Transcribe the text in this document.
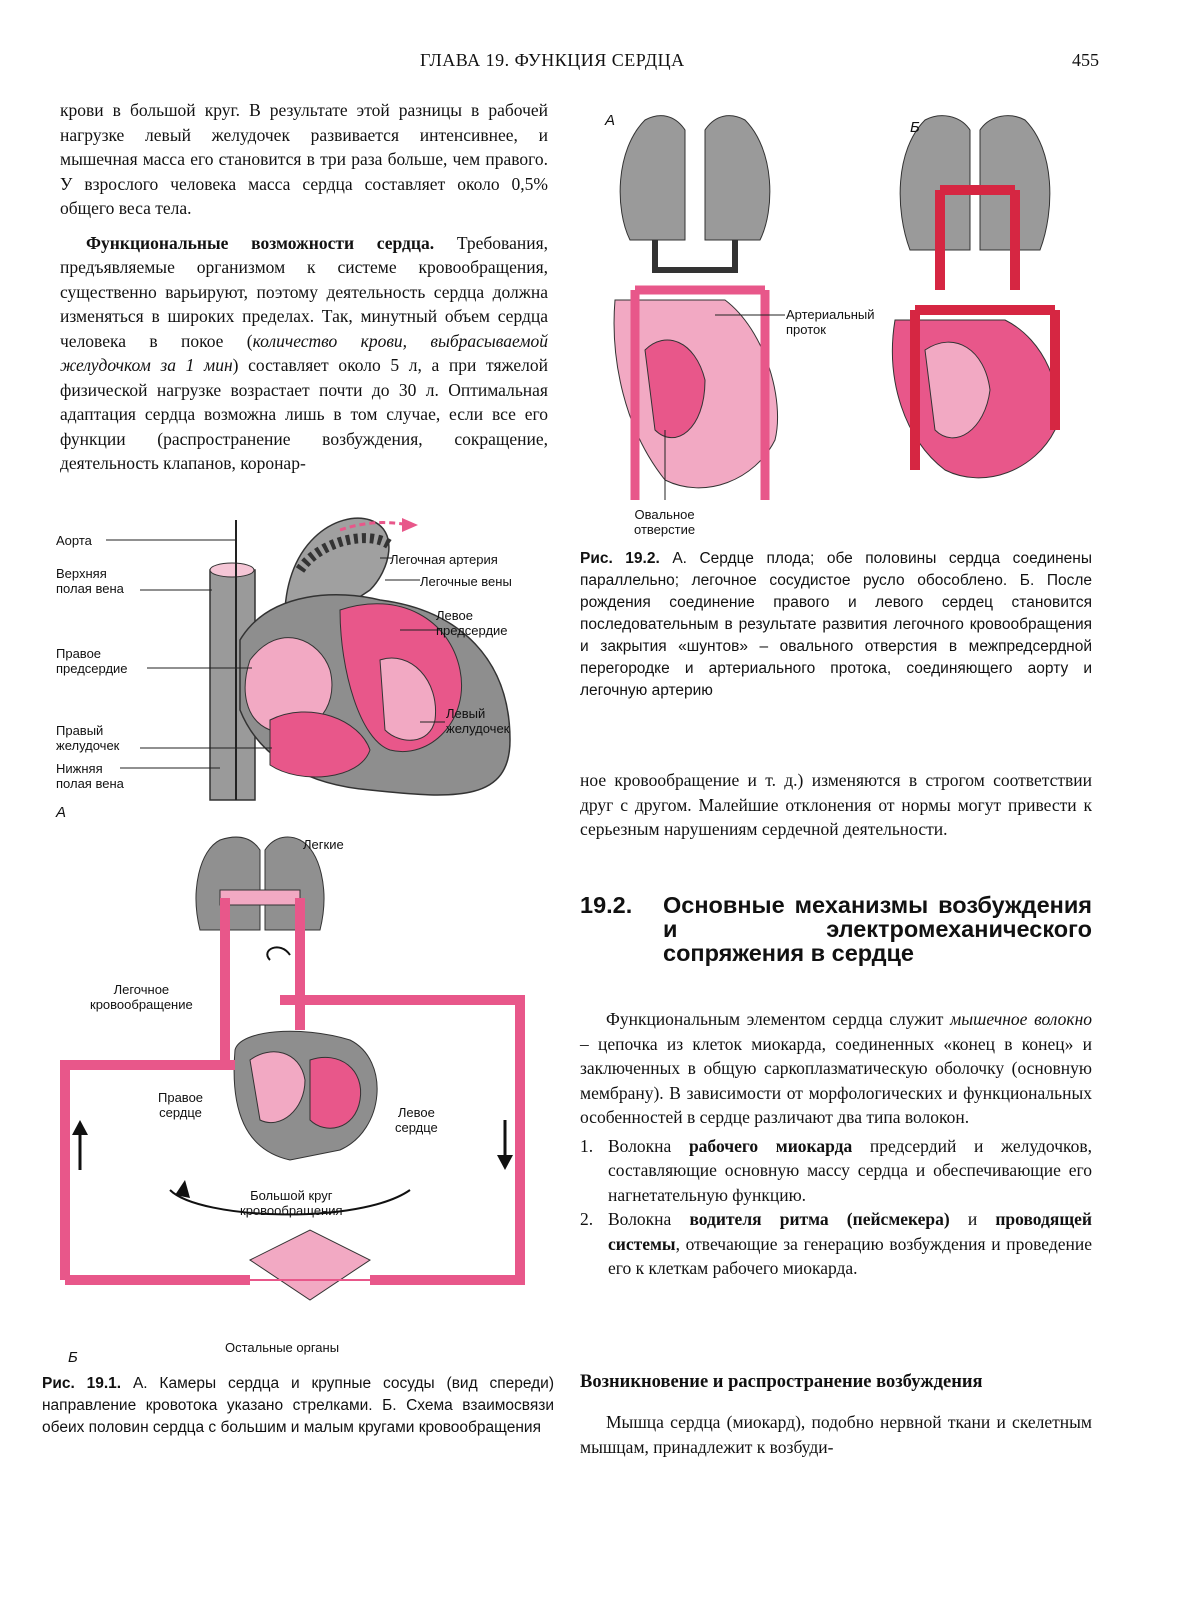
ГЛАВА 19. ФУНКЦИЯ СЕРДЦА	455

крови в большой круг. В результате этой разницы в рабочей нагрузке левый желудочек развивается интенсивнее, и мышечная масса его становится в три раза больше, чем правого. У взрослого человека масса сердца составляет около 0,5% общего веса тела.

Функциональные возможности сердца. Требования, предъявляемые организмом к системе кровообращения, существенно варьируют, поэтому деятельность сердца должна изменяться в широких пределах. Так, минутный объем сердца человека в покое (количество крови, выбрасываемой желудочком за 1 мин) составляет около 5 л, а при тяжелой физической нагрузке возрастает почти до 30 л. Оптимальная адаптация сердца возможна лишь в том случае, если все его функции (распространение возбуждения, сокращение, деятельность клапанов, коронар-

Аорта
Верхняя
полая вена
Правое
предсердие
Правый
желудочек
Нижняя
полая вена
Легочная артерия
Легочные вены
Левое
предсердие
Левый
желудочек
А
Легкие
Легочное
кровообращение
Правое
сердце	Левое
сердце
Большой круг
кровообращения
Остальные органы
Б
Рис. 19.1. А. Камеры сердца и крупные сосуды (вид спереди) направление кровотока указано стрелками. Б. Схема взаимосвязи обеих половин сердца с большим и малым кругами кровообращения
А	Б
Артериальный
проток
Овальное
отверстие
Рис. 19.2. А. Сердце плода; обе половины сердца соединены параллельно; легочное сосудистое русло обособлено. Б. После рождения соединение правого и левого сердец становится последовательным в результате развития легочного кровообращения и закрытия «шунтов» – овального отверстия в межпредсердной перегородке и артериального протока, соединяющего аорту и легочную артерию

ное кровообращение и т. д.) изменяются в строгом соответствии друг с другом. Малейшие отклонения от нормы могут привести к серьезным нарушениям сердечной деятельности.

19.2. Основные механизмы возбуждения и электромеханического сопряжения в сердце

Функциональным элементом сердца служит мышечное волокно – цепочка из клеток миокарда, соединенных «конец в конец» и заключенных в общую саркоплазматическую оболочку (основную мембрану). В зависимости от морфологических и функциональных особенностей в сердце различают два типа волокон.

1. Волокна рабочего миокарда предсердий и желудочков, составляющие основную массу сердца и обеспечивающие его нагнетательную функцию.
2. Волокна водителя ритма (пейсмекера) и проводящей системы, отвечающие за генерацию возбуждения и проведение его к клеткам рабочего миокарда.
Возникновение и распространение возбуждения

Мышца сердца (миокард), подобно нервной ткани и скелетным мышцам, принадлежит к возбуди-
